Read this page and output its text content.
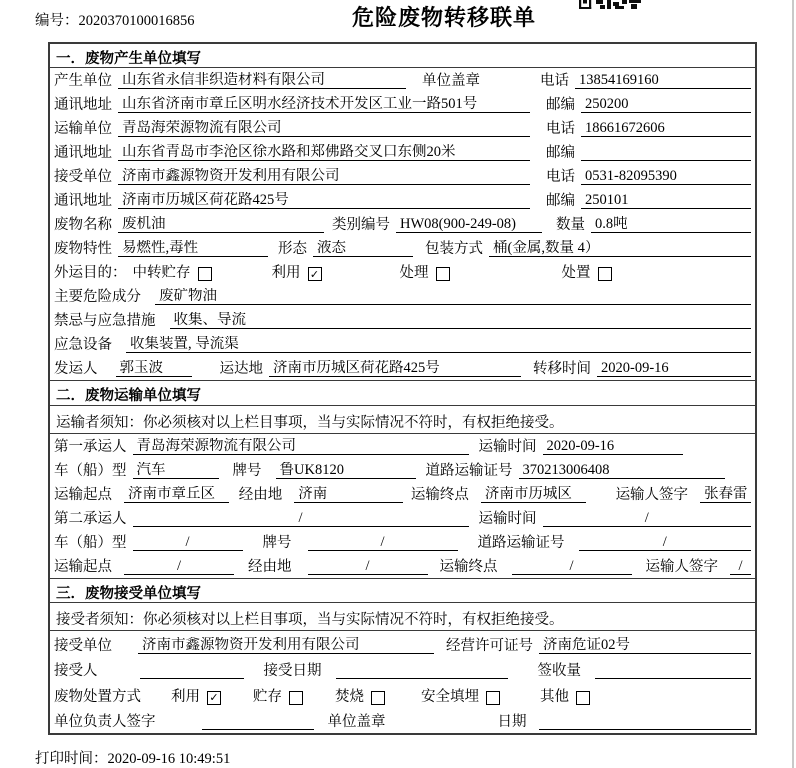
编号：2020370100016856	危险废物转移联单
一．废物产生单位填写
产生单位 山东省永信非织造材料有限公司	单位盖章	电话 13854169160
通讯地址 山东省济南市章丘区明水经济技术开发区工业一路501号	邮编 250200
运输单位 青岛海荣源物流有限公司	电话 18661672606
通讯地址 山东省青岛市李沧区徐水路和郑佛路交叉口东侧20米	邮编
接受单位 济南市鑫源物资开发利用有限公司	电话 0531-82095390
通讯地址 济南市历城区荷花路425号	邮编 250101
废物名称 废机油	类别编号 HW08(900-249-08)	数量 0.8吨
废物特性 易燃性,毒性	形态 液态	包装方式 桶(金属,数量 4）
外运目的： 中转贮存	利用 ✓	处理	处置
主要危险成分 废矿物油
禁忌与应急措施 收集、导流
应急设备 收集装置, 导流渠
发运人 郭玉波	运达地 济南市历城区荷花路425号	转移时间 2020-09-16
二．废物运输单位填写
运输者须知：你必须核对以上栏目事项，当与实际情况不符时，有权拒绝接受。
第一承运人 青岛海荣源物流有限公司	运输时间 2020-09-16
车（船）型 汽车	牌号 鲁UK8120	道路运输证号 370213006408
运输起点 济南市章丘区	经由地 济南	运输终点 济南市历城区	运输人签字 张春雷
第二承运人	/	运输时间	/
车（船）型	/	牌号	/	道路运输证号	/
运输起点	/	经由地	/	运输终点	/	运输人签字	/
三．废物接受单位填写
接受者须知：你必须核对以上栏目事项，当与实际情况不符时，有权拒绝接受。
接受单位 济南市鑫源物资开发利用有限公司	经营许可证号 济南危证02号
接受人	接受日期	签收量
废物处置方式 利用 ✓ 贮存	焚烧	安全填埋	其他
单位负责人签字	单位盖章	日期
打印时间：2020-09-16 10:49:51
